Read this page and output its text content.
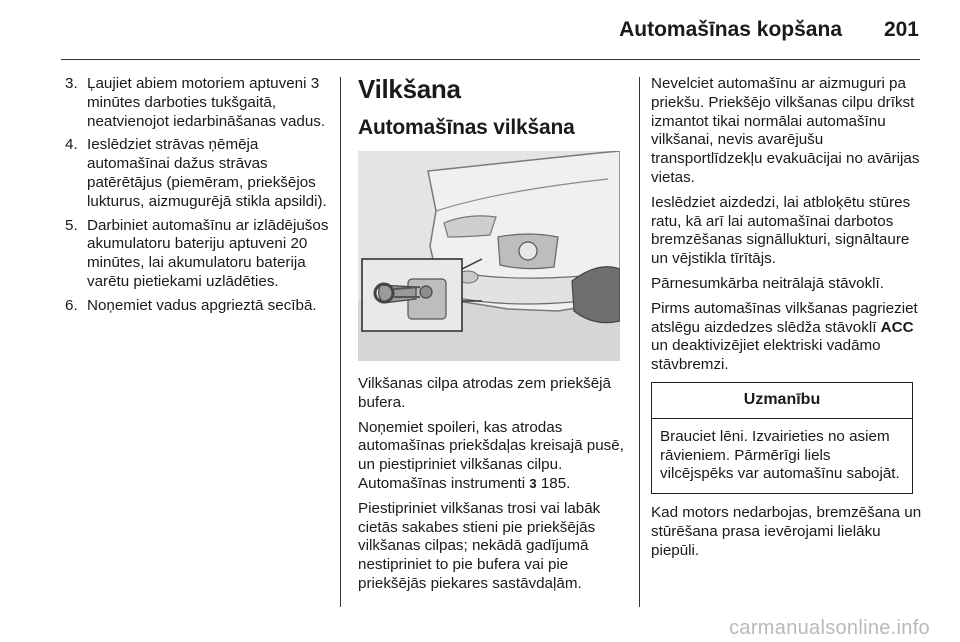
Automašīnas kopšana 201
3. Ļaujiet abiem motoriem aptuveni 3 minūtes darboties tukšgaitā, neatvienojot iedarbināšanas vadus.
4. Ieslēdziet strāvas ņēmēja automašīnai dažus strāvas patērētājus (piemēram, priekšējos lukturus, aizmugurējā stikla apsildi).
5. Darbiniet automašīnu ar izlādējušos akumulatoru bateriju aptuveni 20 minūtes, lai akumulatoru baterija varētu pietiekami uzlādēties.
6. Noņemiet vadus apgrieztā secībā.
Vilkšana
Automašīnas vilkšana

Vilkšanas cilpa atrodas zem priekšējā bufera.

Noņemiet spoileri, kas atrodas automašīnas priekšdaļas kreisajā pusē, un piestipriniet vilkšanas cilpu.
Automašīnas instrumenti 3 185.

Piestipriniet vilkšanas trosi vai labāk cietās sakabes stieni pie priekšējās vilkšanas cilpas; nekādā gadījumā nestipriniet to pie bufera vai pie priekšējās piekares sastāvdaļām.

Nevelciet automašīnu ar aizmuguri pa priekšu. Priekšējo vilkšanas cilpu drīkst izmantot tikai normālai automašīnu vilkšanai, nevis avarējušu transportlīdzekļu evakuācijai no avārijas vietas.

Ieslēdziet aizdedzi, lai atbloķētu stūres ratu, kā arī lai automašīnai darbotos bremzēšanas signāllukturi, signāltaure un vējstikla tīrītājs.

Pārnesumkārba neitrālajā stāvoklī.

Pirms automašīnas vilkšanas pagrieziet atslēgu aizdedzes slēdža stāvoklī ACC un deaktivizējiet elektriski vadāmo stāvbremzi.

Uzmanību
Brauciet lēni. Izvairieties no asiem rāvieniem. Pārmērīgi liels vilcējspēks var automašīnu sabojāt.

Kad motors nedarbojas, bremzēšana un stūrēšana prasa ievērojami lielāku piepūli.

carmanualsonline.info
